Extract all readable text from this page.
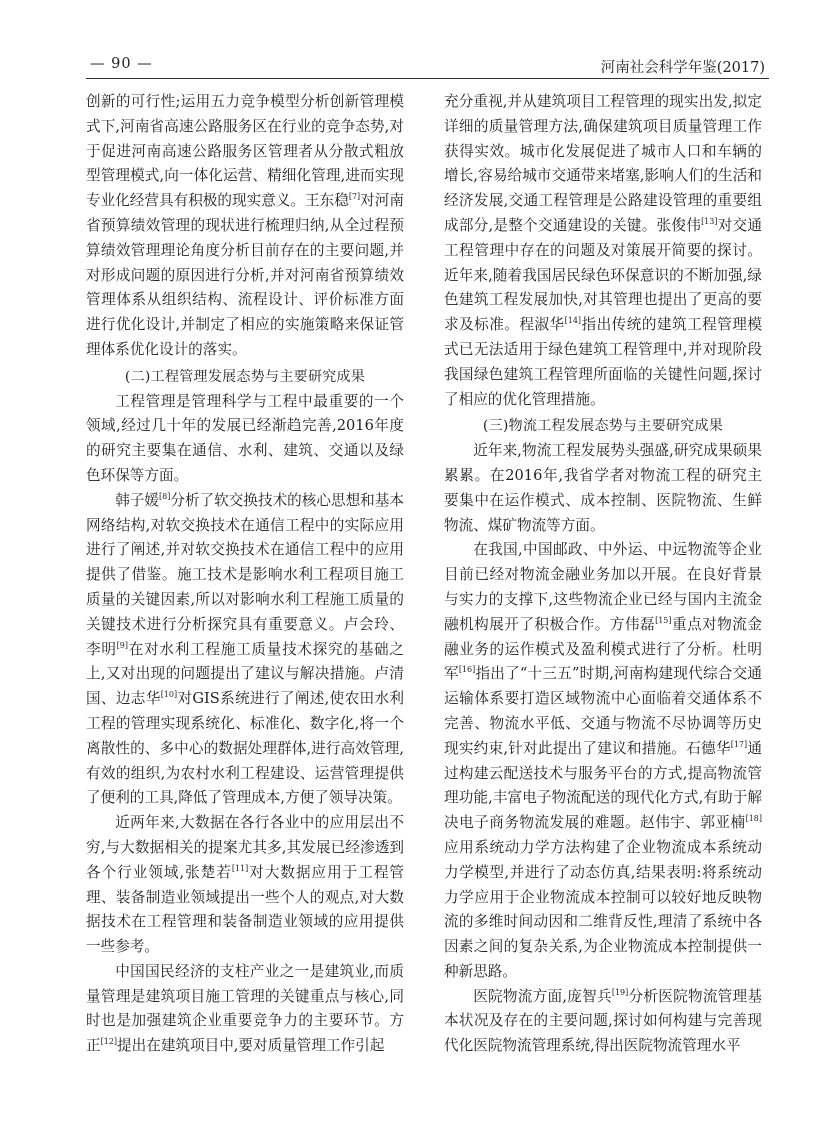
— 90 —	河南社会科学年鉴(2017)

创新的可行性;运用五力竞争模型分析创新管理模式下,河南省高速公路服务区在行业的竞争态势,对于促进河南高速公路服务区管理者从分散式粗放型管理模式,向一体化运营、精细化管理,进而实现专业化经营具有积极的现实意义。王东稳[7]对河南省预算绩效管理的现状进行梳理归纳,从全过程预算绩效管理理论角度分析目前存在的主要问题,并对形成问题的原因进行分析,并对河南省预算绩效管理体系从组织结构、流程设计、评价标准方面进行优化设计,并制定了相应的实施策略来保证管理体系优化设计的落实。

(二)工程管理发展态势与主要研究成果

工程管理是管理科学与工程中最重要的一个领域,经过几十年的发展已经渐趋完善,2016年度的研究主要集在通信、水利、建筑、交通以及绿色环保等方面。

韩子媛[8]分析了软交换技术的核心思想和基本网络结构,对软交换技术在通信工程中的实际应用进行了阐述,并对软交换技术在通信工程中的应用提供了借鉴。施工技术是影响水利工程项目施工质量的关键因素,所以对影响水利工程施工质量的关键技术进行分析探究具有重要意义。卢会玲、李明[9]在对水利工程施工质量技术探究的基础之上,又对出现的问题提出了建议与解决措施。卢清国、边志华[10]对GIS系统进行了阐述,使农田水利工程的管理实现系统化、标准化、数字化,将一个离散性的、多中心的数据处理群体,进行高效管理,有效的组织,为农村水利工程建设、运营管理提供了便利的工具,降低了管理成本,方便了领导决策。

近两年来,大数据在各行各业中的应用层出不穷,与大数据相关的提案尤其多,其发展已经渗透到各个行业领域,张楚若[11]对大数据应用于工程管理、装备制造业领域提出一些个人的观点,对大数据技术在工程管理和装备制造业领域的应用提供一些参考。

中国国民经济的支柱产业之一是建筑业,而质量管理是建筑项目施工管理的关键重点与核心,同时也是加强建筑企业重要竞争力的主要环节。方正[12]提出在建筑项目中,要对质量管理工作引起

充分重视,并从建筑项目工程管理的现实出发,拟定详细的质量管理方法,确保建筑项目质量管理工作获得实效。城市化发展促进了城市人口和车辆的增长,容易给城市交通带来堵塞,影响人们的生活和经济发展,交通工程管理是公路建设管理的重要组成部分,是整个交通建设的关键。张俊伟[13]对交通工程管理中存在的问题及对策展开简要的探讨。近年来,随着我国居民绿色环保意识的不断加强,绿色建筑工程发展加快,对其管理也提出了更高的要求及标准。程淑华[14]指出传统的建筑工程管理模式已无法适用于绿色建筑工程管理中,并对现阶段我国绿色建筑工程管理所面临的关键性问题,探讨了相应的优化管理措施。

(三)物流工程发展态势与主要研究成果

近年来,物流工程发展势头强盛,研究成果硕果累累。在2016年,我省学者对物流工程的研究主要集中在运作模式、成本控制、医院物流、生鲜物流、煤矿物流等方面。

在我国,中国邮政、中外运、中远物流等企业目前已经对物流金融业务加以开展。在良好背景与实力的支撑下,这些物流企业已经与国内主流金融机构展开了积极合作。方伟磊[15]重点对物流金融业务的运作模式及盈利模式进行了分析。杜明军[16]指出了“十三五”时期,河南构建现代综合交通运输体系要打造区域物流中心面临着交通体系不完善、物流水平低、交通与物流不尽协调等历史现实约束,针对此提出了建议和措施。石德华[17]通过构建云配送技术与服务平台的方式,提高物流管理功能,丰富电子物流配送的现代化方式,有助于解决电子商务物流发展的难题。赵伟宇、郭亚楠[18]应用系统动力学方法构建了企业物流成本系统动力学模型,并进行了动态仿真,结果表明:将系统动力学应用于企业物流成本控制可以较好地反映物流的多维时间动因和二维背反性,理清了系统中各因素之间的复杂关系,为企业物流成本控制提供一种新思路。

医院物流方面,庞智兵[19]分析医院物流管理基本状况及存在的主要问题,探讨如何构建与完善现代化医院物流管理系统,得出医院物流管理水平
